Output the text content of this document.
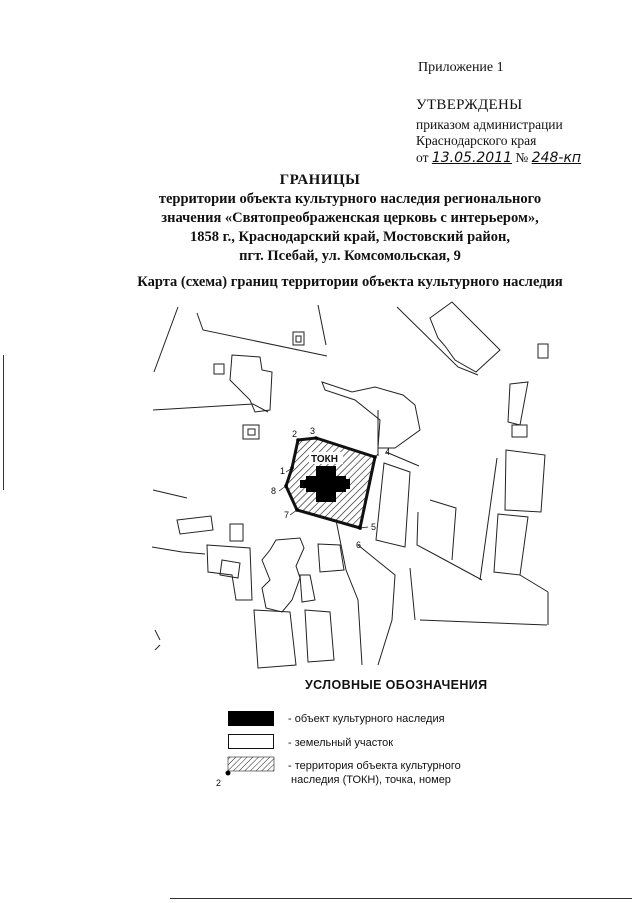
Приложение 1
УТВЕРЖДЕНЫ
приказом администрации
Краснодарского края
от 13.05.2011 № 248-кп
ГРАНИЦЫ
территории объекта культурного наследия регионального
значения «Святопреображенская церковь с интерьером»,
1858 г., Краснодарский край, Мостовский район,
пгт. Псебай, ул. Комсомольская, 9
Карта (схема) границ территории объекта культурного наследия
ТОКН
1
2 3
4
5
6
7
8
УСЛОВНЫЕ ОБОЗНАЧЕНИЯ
- объект культурного наследия
- земельный участок
2
- территория объекта культурного
наследия (ТОКН), точка, номер
